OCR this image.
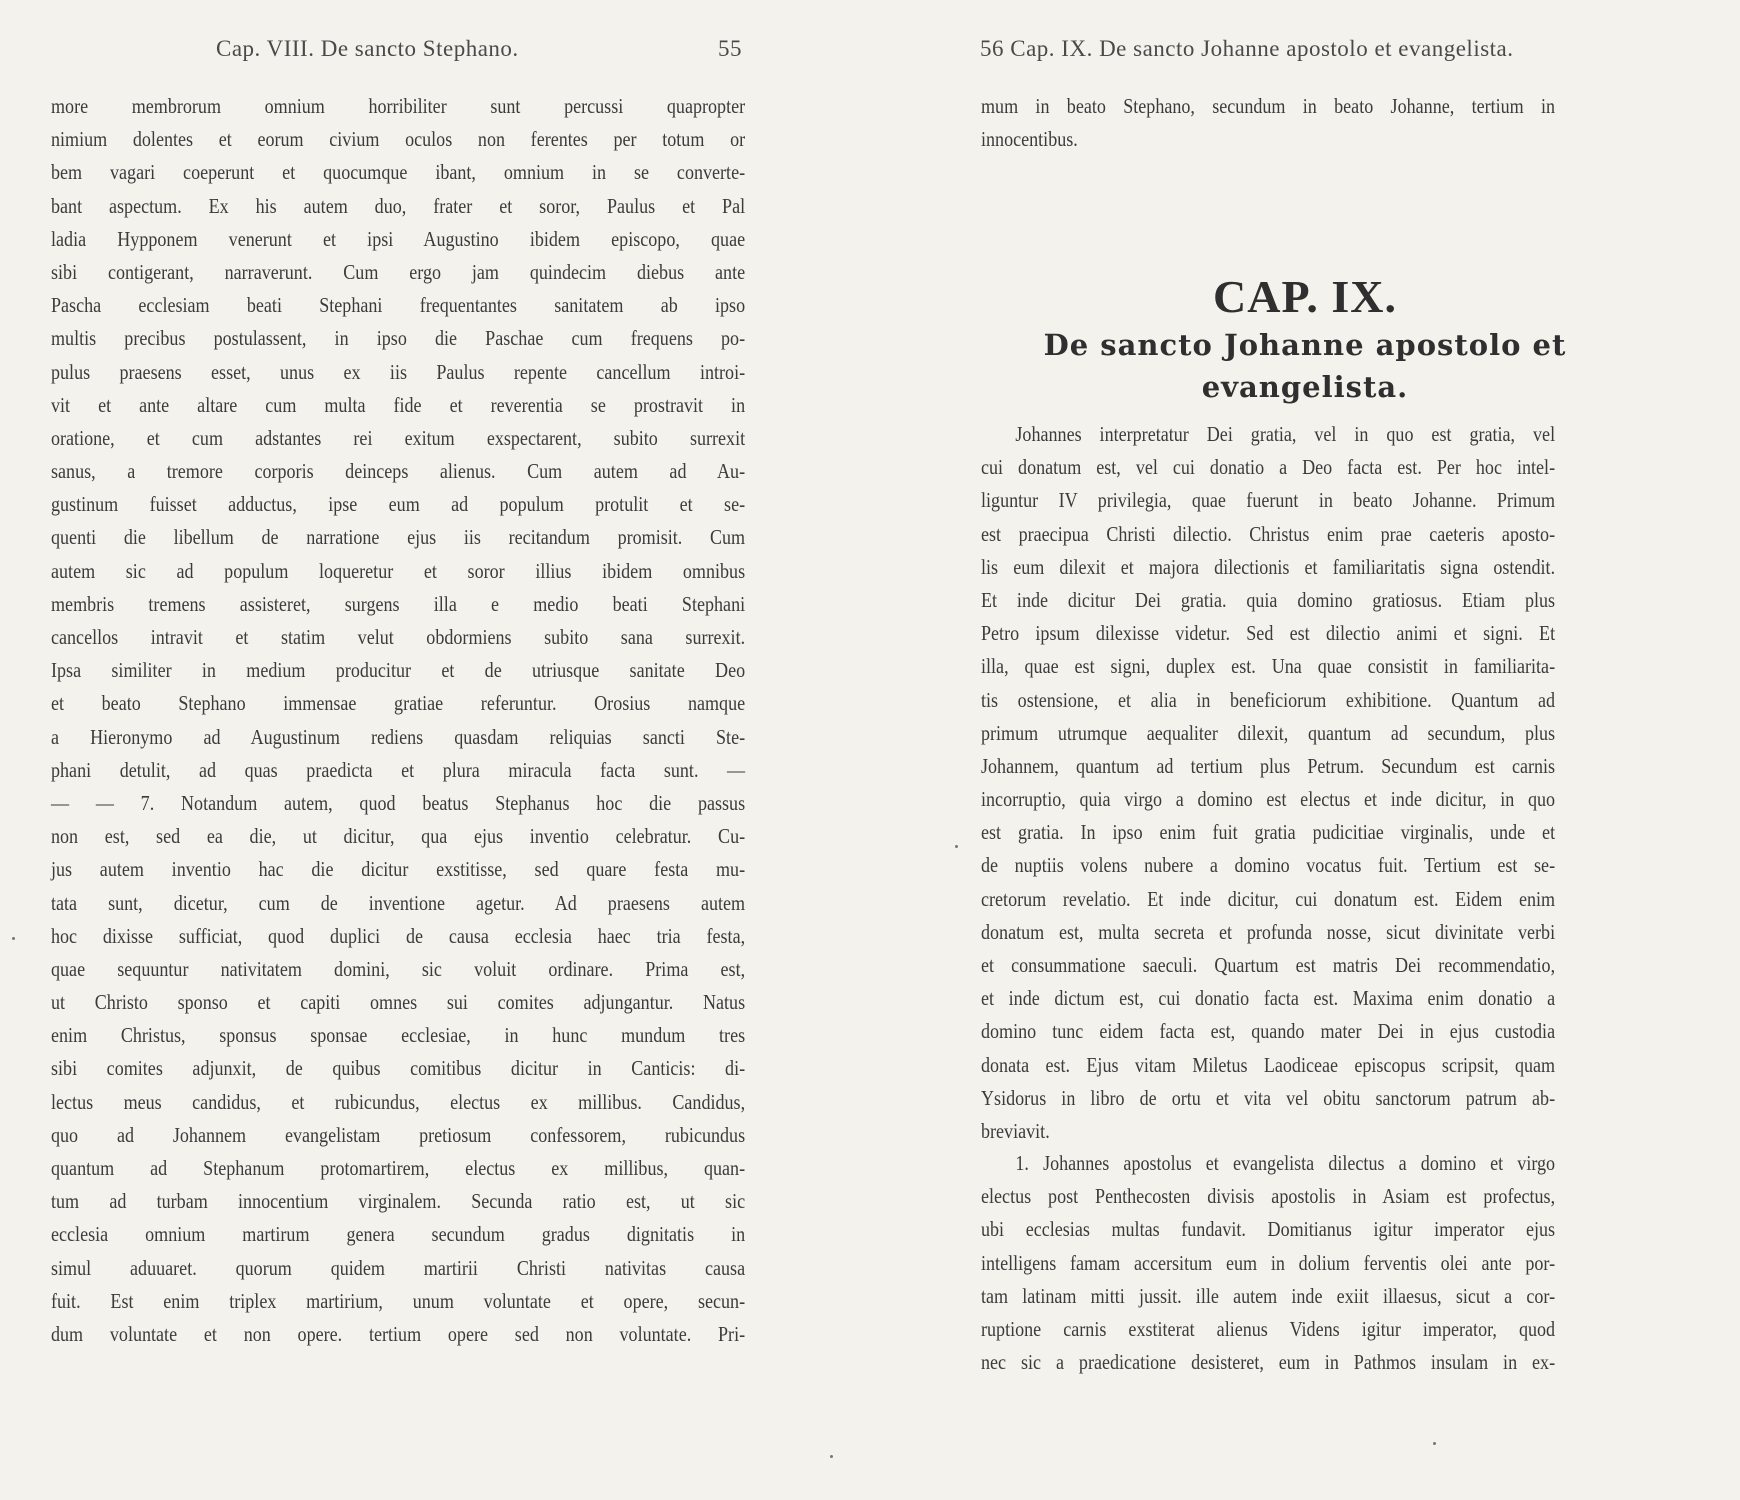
Cap. VIII. De sancto Stephano.	55
more membrorum omnium horribiliter sunt percussi quapropter
nimium dolentes et eorum civium oculos non ferentes per totum or
bem vagari coeperunt et quocumque ibant, omnium in se converte-
bant aspectum. Ex his autem duo, frater et soror, Paulus et Pal
ladia Hypponem venerunt et ipsi Augustino ibidem episcopo, quae
sibi contigerant, narraverunt. Cum ergo jam quindecim diebus ante
Pascha ecclesiam beati Stephani frequentantes sanitatem ab ipso
multis precibus postulassent, in ipso die Paschae cum frequens po-
pulus praesens esset, unus ex iis Paulus repente cancellum introi-
vit et ante altare cum multa fide et reverentia se prostravit in
oratione, et cum adstantes rei exitum exspectarent, subito surrexit
sanus, a tremore corporis deinceps alienus. Cum autem ad Au-
gustinum fuisset adductus, ipse eum ad populum protulit et se-
quenti die libellum de narratione ejus iis recitandum promisit. Cum
autem sic ad populum loqueretur et soror illius ibidem omnibus
membris tremens assisteret, surgens illa e medio beati Stephani
cancellos intravit et statim velut obdormiens subito sana surrexit.
Ipsa similiter in medium producitur et de utriusque sanitate Deo
et beato Stephano immensae gratiae referuntur. Orosius namque
a Hieronymo ad Augustinum rediens quasdam reliquias sancti Ste-
phani detulit, ad quas praedicta et plura miracula facta sunt. —
— — 7. Notandum autem, quod beatus Stephanus hoc die passus
non est, sed ea die, ut dicitur, qua ejus inventio celebratur. Cu-
jus autem inventio hac die dicitur exstitisse, sed quare festa mu-
tata sunt, dicetur, cum de inventione agetur. Ad praesens autem
hoc dixisse sufficiat, quod duplici de causa ecclesia haec tria festa,
quae sequuntur nativitatem domini, sic voluit ordinare. Prima est,
ut Christo sponso et capiti omnes sui comites adjungantur. Natus
enim Christus, sponsus sponsae ecclesiae, in hunc mundum tres
sibi comites adjunxit, de quibus comitibus dicitur in Canticis: di-
lectus meus candidus, et rubicundus, electus ex millibus. Candidus,
quo ad Johannem evangelistam pretiosum confessorem, rubicundus
quantum ad Stephanum protomartirem, electus ex millibus, quan-
tum ad turbam innocentium virginalem. Secunda ratio est, ut sic
ecclesia omnium martirum genera secundum gradus dignitatis in
simul aduuaret. quorum quidem martirii Christi nativitas causa
fuit. Est enim triplex martirium, unum voluntate et opere, secun-
dum voluntate et non opere. tertium opere sed non voluntate. Pri-
56 Cap. IX. De sancto Johanne apostolo et evangelista.
mum in beato Stephano, secundum in beato Johanne, tertium in
innocentibus.
CAP. IX.
De sancto Johanne apostolo et
evangelista.
Johannes interpretatur Dei gratia, vel in quo est gratia, vel
cui donatum est, vel cui donatio a Deo facta est. Per hoc intel-
liguntur IV privilegia, quae fuerunt in beato Johanne. Primum
est praecipua Christi dilectio. Christus enim prae caeteris aposto-
lis eum dilexit et majora dilectionis et familiaritatis signa ostendit.
Et inde dicitur Dei gratia. quia domino gratiosus. Etiam plus
Petro ipsum dilexisse videtur. Sed est dilectio animi et signi. Et
illa, quae est signi, duplex est. Una quae consistit in familiarita-
tis ostensione, et alia in beneficiorum exhibitione. Quantum ad
primum utrumque aequaliter dilexit, quantum ad secundum, plus
Johannem, quantum ad tertium plus Petrum. Secundum est carnis
incorruptio, quia virgo a domino est electus et inde dicitur, in quo
est gratia. In ipso enim fuit gratia pudicitiae virginalis, unde et
de nuptiis volens nubere a domino vocatus fuit. Tertium est se-
cretorum revelatio. Et inde dicitur, cui donatum est. Eidem enim
donatum est, multa secreta et profunda nosse, sicut divinitate verbi
et consummatione saeculi. Quartum est matris Dei recommendatio,
et inde dictum est, cui donatio facta est. Maxima enim donatio a
domino tunc eidem facta est, quando mater Dei in ejus custodia
donata est. Ejus vitam Miletus Laodiceae episcopus scripsit, quam
Ysidorus in libro de ortu et vita vel obitu sanctorum patrum ab-
breviavit.
1. Johannes apostolus et evangelista dilectus a domino et virgo
electus post Penthecosten divisis apostolis in Asiam est profectus,
ubi ecclesias multas fundavit. Domitianus igitur imperator ejus
intelligens famam accersitum eum in dolium ferventis olei ante por-
tam latinam mitti jussit. ille autem inde exiit illaesus, sicut a cor-
ruptione carnis exstiterat alienus Videns igitur imperator, quod
nec sic a praedicatione desisteret, eum in Pathmos insulam in ex-
